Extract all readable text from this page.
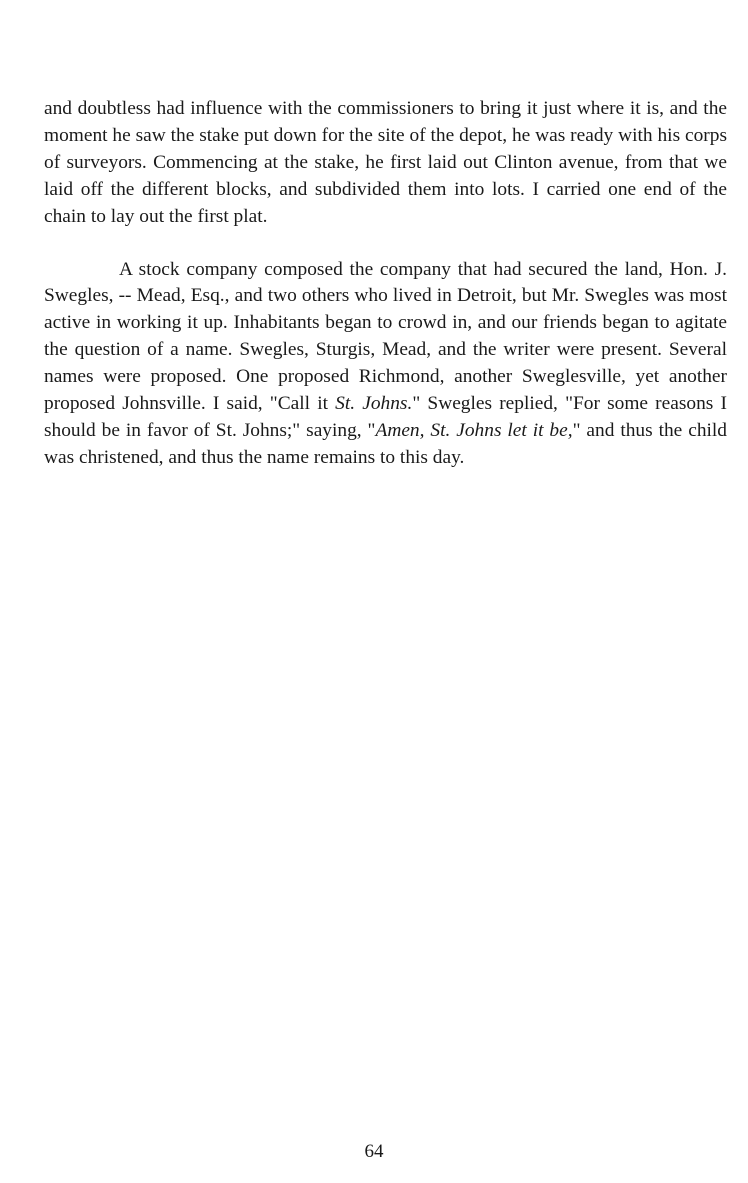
and doubtless had influence with the commissioners to bring it just where it is, and the moment he saw the stake put down for the site of the depot, he was ready with his corps of surveyors. Commencing at the stake, he first laid out Clinton avenue, from that we laid off the different blocks, and subdivided them into lots. I carried one end of the chain to lay out the first plat.

A stock company composed the company that had secured the land, Hon. J. Swegles, -- Mead, Esq., and two others who lived in Detroit, but Mr. Swegles was most active in working it up. Inhabitants began to crowd in, and our friends began to agitate the question of a name. Swegles, Sturgis, Mead, and the writer were present. Several names were proposed. One proposed Richmond, another Sweglesville, yet another proposed Johnsville. I said, "Call it St. Johns." Swegles replied, "For some reasons I should be in favor of St. Johns;" saying, "Amen, St. Johns let it be," and thus the child was christened, and thus the name remains to this day.

64
